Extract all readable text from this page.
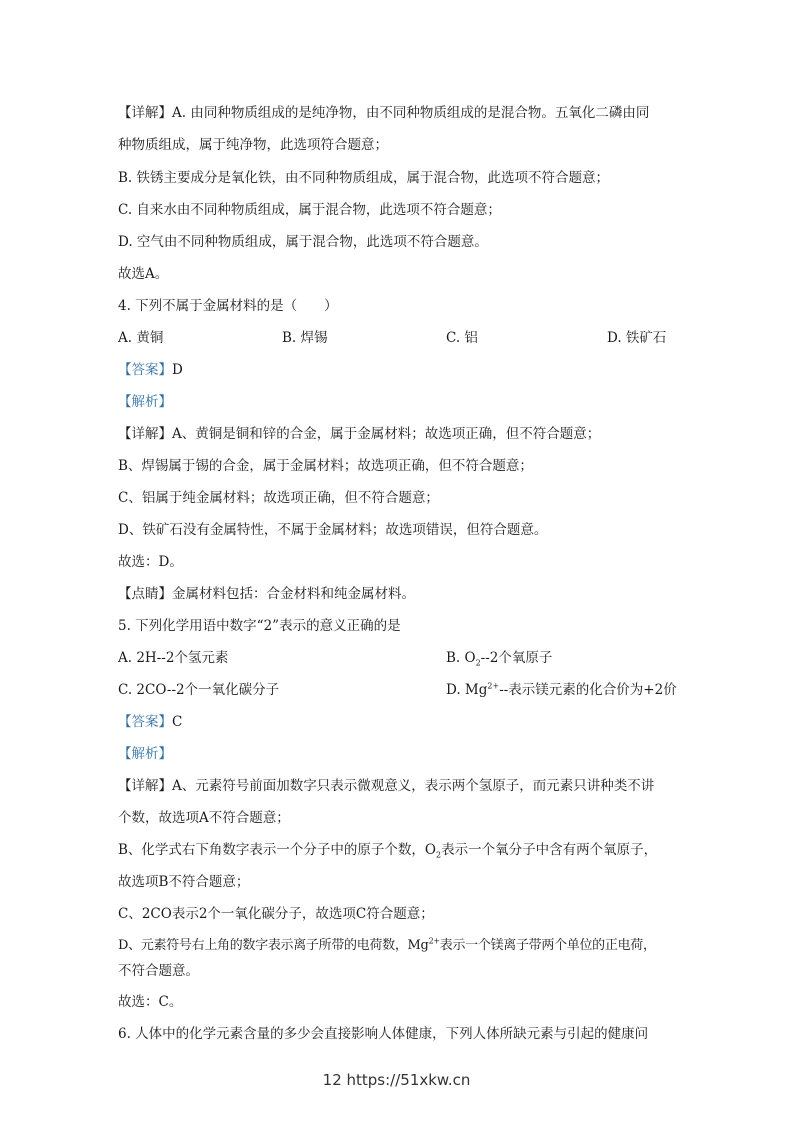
【详解】A. 由同种物质组成的是纯净物，由不同种物质组成的是混合物。五氧化二磷由同
种物质组成，属于纯净物，此选项符合题意；
B. 铁锈主要成分是氧化铁，由不同种物质组成，属于混合物，此选项不符合题意；
C. 自来水由不同种物质组成，属于混合物，此选项不符合题意；
D. 空气由不同种物质组成，属于混合物，此选项不符合题意。
故选A。
4. 下列不属于金属材料的是（　　）
A. 黄铜	B. 焊锡	C. 铝	D. 铁矿石
【答案】D
【解析】
【详解】A、黄铜是铜和锌的合金，属于金属材料；故选项正确，但不符合题意；
B、焊锡属于锡的合金，属于金属材料；故选项正确，但不符合题意；
C、铝属于纯金属材料；故选项正确，但不符合题意；
D、铁矿石没有金属特性，不属于金属材料；故选项错误，但符合题意。
故选：D。
【点睛】金属材料包括：合金材料和纯金属材料。
5. 下列化学用语中数字“2”表示的意义正确的是
A. 2H--2个氢元素	B. $O_2--2$个氧原子
C. 2CO--2个一氧化碳分子	D. $Mg^{2+}--$表示镁元素的化合价为+2价
【答案】C
【解析】
【详解】A、元素符号前面加数字只表示微观意义，表示两个氢原子，而元素只讲种类不讲
个数，故选项A不符合题意；
B、化学式右下角数字表示一个分子中的原子个数，$O_2$表示一个氧分子中含有两个氧原子，
故选项B不符合题意；
C、2CO表示2个一氧化碳分子，故选项C符合题意；
D、元素符号右上角的数字表示离子所带的电荷数，$Mg^{2+}$表示一个镁离子带两个单位的正电荷，
不符合题意。
故选：C。
6. 人体中的化学元素含量的多少会直接影响人体健康，下列人体所缺元素与引起的健康问
12 https://51xkw.cn
